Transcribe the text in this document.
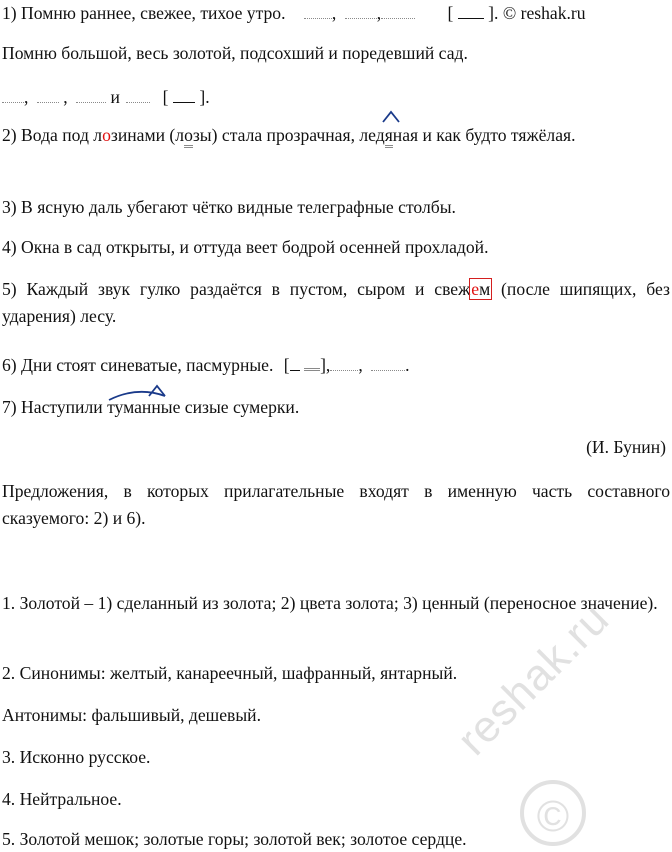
1) Помню раннее, свежее, тихое утро.	, ,	[ ]. © reshak.ru
Помню большой, весь золотой, подсохший и поредевший сад.
, , и [ ].
2) Вода под лозинами (лозы) стала прозрачная, лед
яная и как будто тяжёлая.
3) В ясную даль убегают чётко видные телеграфные столбы.
4) Окна в сад открыты, и оттуда веет бодрой осенней прохладой.
5) Каждый звук гулко раздаётся в пустом, сыром и свежем (после шипящих, без ударения) лесу.
6) Дни стоят синеватые, пасмурные. [ ], , .
7) Наступили
туман
ные сизые сумерки.
(И. Бунин)
Предложения, в которых прилагательные входят в именную часть составного сказуемого: 2) и 6).
1. Золотой – 1) сделанный из золота; 2) цвета золота; 3) ценный (переносное значение).
2. Синонимы: желтый, канареечный, шафранный, янтарный.
Антонимы: фальшивый, дешевый.
3. Исконно русское.
4. Нейтральное.
5. Золотой мешок; золотые горы; золотой век; золотое сердце.
reshak.ru
©
